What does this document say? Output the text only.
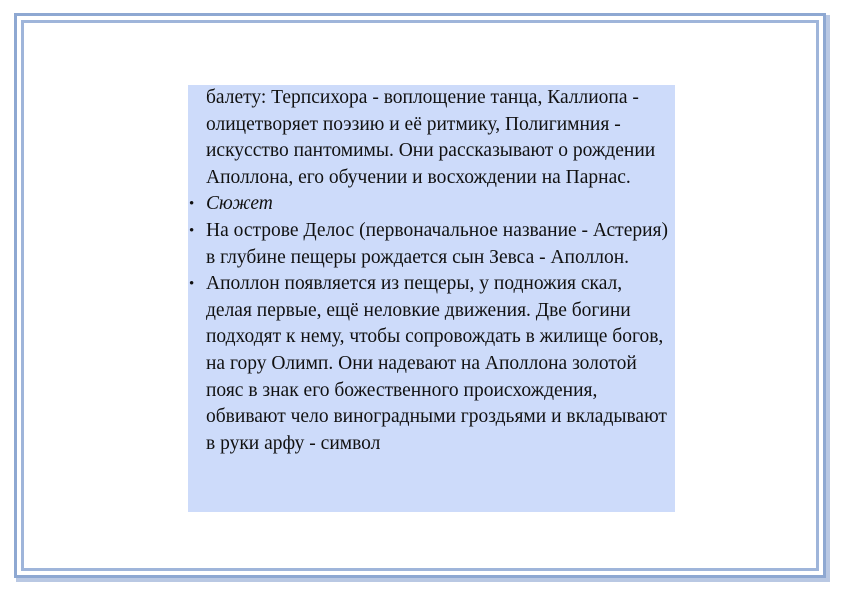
балету: Терпсихора - воплощение танца, Каллиопа - олицетворяет поэзию и её ритмику, Полигимния - искусство пантомимы. Они рассказывают о рождении Аполлона, его обучении и восхождении на Парнас.

• Сюжет

• На острове Делос (первоначальное название - Астерия) в глубине пещеры рождается сын Зевса - Аполлон.

• Аполлон появляется из пещеры, у подножия скал, делая первые, ещё неловкие движения. Две богини подходят к нему, чтобы сопровождать в жилище богов, на гору Олимп. Они надевают на Аполлона золотой пояс в знак его божественного происхождения, обвивают чело виноградными гроздьями и вкладывают в руки арфу - символ
